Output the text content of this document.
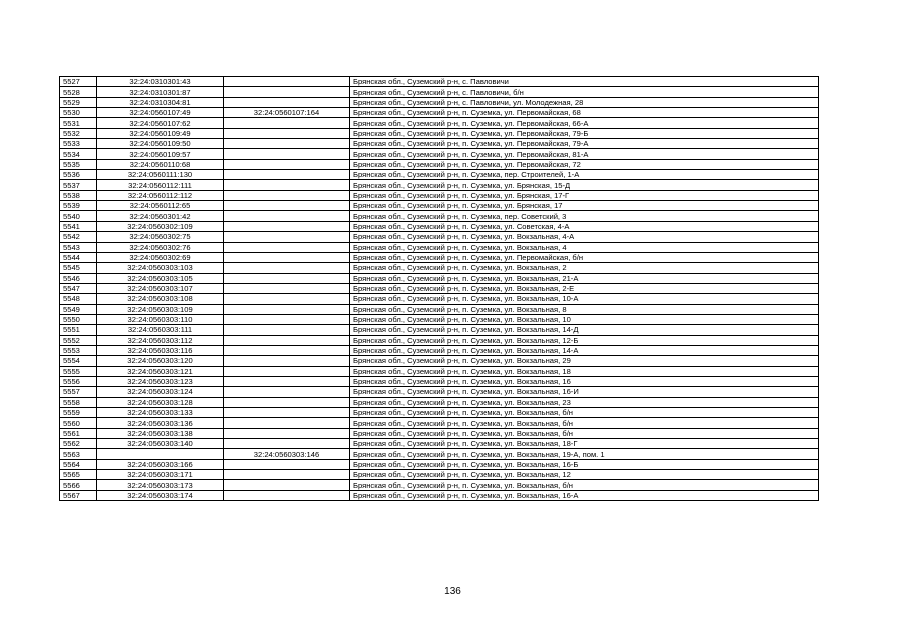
5527	32:24:0310301:43		Брянская обл., Суземский р-н, с. Павловичи
5528	32:24:0310301:87		Брянская обл., Суземский р-н, с. Павловичи, б/н
5529	32:24:0310304:81		Брянская обл., Суземский р-н, с. Павловичи, ул. Молодежная, 28
5530	32:24:0560107:49	32:24:0560107:164	Брянская обл., Суземский р-н, п. Суземка, ул. Первомайская, 68
5531	32:24:0560107:62		Брянская обл., Суземский р-н, п. Суземка, ул. Первомайская, 66-А
5532	32:24:0560109:49		Брянская обл., Суземский р-н, п. Суземка, ул. Первомайская, 79-Б
5533	32:24:0560109:50		Брянская обл., Суземский р-н, п. Суземка, ул. Первомайская, 79-А
5534	32:24:0560109:57		Брянская обл., Суземский р-н, п. Суземка, ул. Первомайская, 81-А
5535	32:24:0560110:68		Брянская обл., Суземский р-н, п. Суземка, ул. Первомайская, 72
5536	32:24:0560111:130		Брянская обл., Суземский р-н, п. Суземка, пер. Строителей, 1-А
5537	32:24:0560112:111		Брянская обл., Суземский р-н, п. Суземка, ул. Брянская, 15-Д
5538	32:24:0560112:112		Брянская обл., Суземский р-н, п. Суземка, ул. Брянская, 17-Г
5539	32:24:0560112:65		Брянская обл., Суземский р-н, п. Суземка, ул. Брянская, 17
5540	32:24:0560301:42		Брянская обл., Суземский р-н, п. Суземка, пер. Советский, 3
5541	32:24:0560302:109		Брянская обл., Суземский р-н, п. Суземка, ул. Советская, 4-А
5542	32:24:0560302:75		Брянская обл., Суземский р-н, п. Суземка, ул. Вокзальная, 4-А
5543	32:24:0560302:76		Брянская обл., Суземский р-н, п. Суземка, ул. Вокзальная, 4
5544	32:24:0560302:69		Брянская обл., Суземский р-н, п. Суземка, ул. Первомайская, б/н
5545	32:24:0560303:103		Брянская обл., Суземский р-н, п. Суземка, ул. Вокзальная, 2
5546	32:24:0560303:105		Брянская обл., Суземский р-н, п. Суземка, ул. Вокзальная, 21-А
5547	32:24:0560303:107		Брянская обл., Суземский р-н, п. Суземка, ул. Вокзальная, 2-Е
5548	32:24:0560303:108		Брянская обл., Суземский р-н, п. Суземка, ул. Вокзальная, 10-А
5549	32:24:0560303:109		Брянская обл., Суземский р-н, п. Суземка, ул. Вокзальная, 8
5550	32:24:0560303:110		Брянская обл., Суземский р-н, п. Суземка, ул. Вокзальная, 10
5551	32:24:0560303:111		Брянская обл., Суземский р-н, п. Суземка, ул. Вокзальная, 14-Д
5552	32:24:0560303:112		Брянская обл., Суземский р-н, п. Суземка, ул. Вокзальная, 12-Б
5553	32:24:0560303:116		Брянская обл., Суземский р-н, п. Суземка, ул. Вокзальная, 14-А
5554	32:24:0560303:120		Брянская обл., Суземский р-н, п. Суземка, ул. Вокзальная, 29
5555	32:24:0560303:121		Брянская обл., Суземский р-н, п. Суземка, ул. Вокзальная, 18
5556	32:24:0560303:123		Брянская обл., Суземский р-н, п. Суземка, ул. Вокзальная, 16
5557	32:24:0560303:124		Брянская обл., Суземский р-н, п. Суземка, ул. Вокзальная, 16-И
5558	32:24:0560303:128		Брянская обл., Суземский р-н, п. Суземка, ул. Вокзальная, 23
5559	32:24:0560303:133		Брянская обл., Суземский р-н, п. Суземка, ул. Вокзальная, б/н
5560	32:24:0560303:136		Брянская обл., Суземский р-н, п. Суземка, ул. Вокзальная, б/н
5561	32:24:0560303:138		Брянская обл., Суземский р-н, п. Суземка, ул. Вокзальная, б/н
5562	32:24:0560303:140		Брянская обл., Суземский р-н, п. Суземка, ул. Вокзальная, 18-Г
5563		32:24:0560303:146	Брянская обл., Суземский р-н, п. Суземка, ул. Вокзальная, 19-А, пом. 1
5564	32:24:0560303:166		Брянская обл., Суземский р-н, п. Суземка, ул. Вокзальная, 16-Б
5565	32:24:0560303:171		Брянская обл., Суземский р-н, п. Суземка, ул. Вокзальная, 12
5566	32:24:0560303:173		Брянская обл., Суземский р-н, п. Суземка, ул. Вокзальная, б/н
5567	32:24:0560303:174		Брянская обл., Суземский р-н, п. Суземка, ул. Вокзальная, 16-А
136
